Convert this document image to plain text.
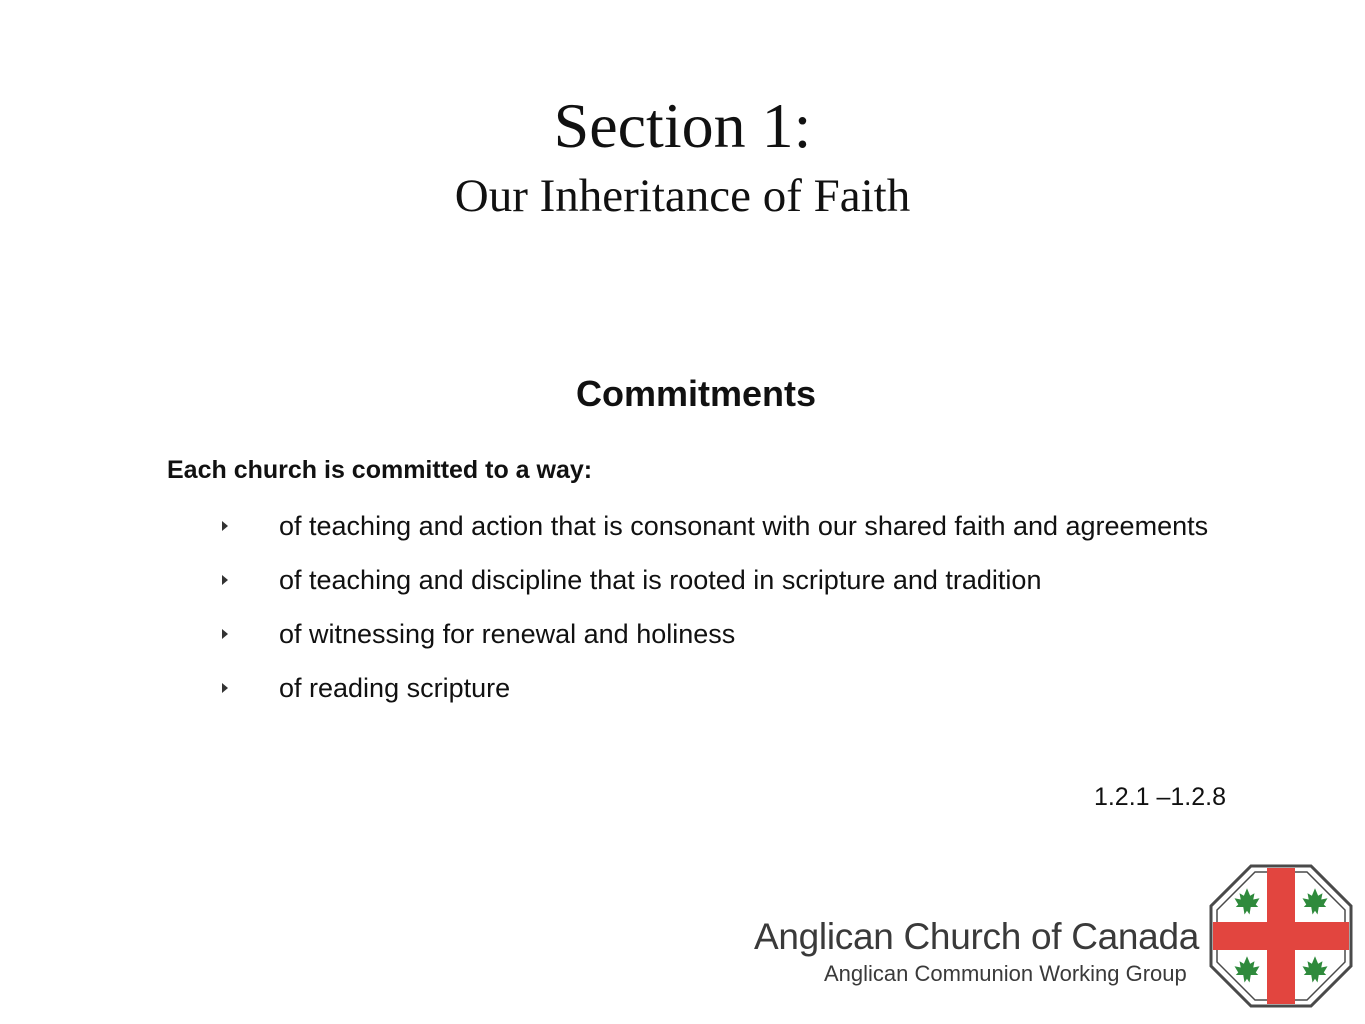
Section 1:
Our Inheritance of Faith
Commitments
Each church is committed to a way:
of teaching and action that is consonant with our shared faith and agreements
of teaching and discipline that is rooted in scripture and tradition
of witnessing for renewal and holiness
of reading scripture
1.2.1 –1.2.8
Anglican Church of Canada
Anglican Communion Working Group
